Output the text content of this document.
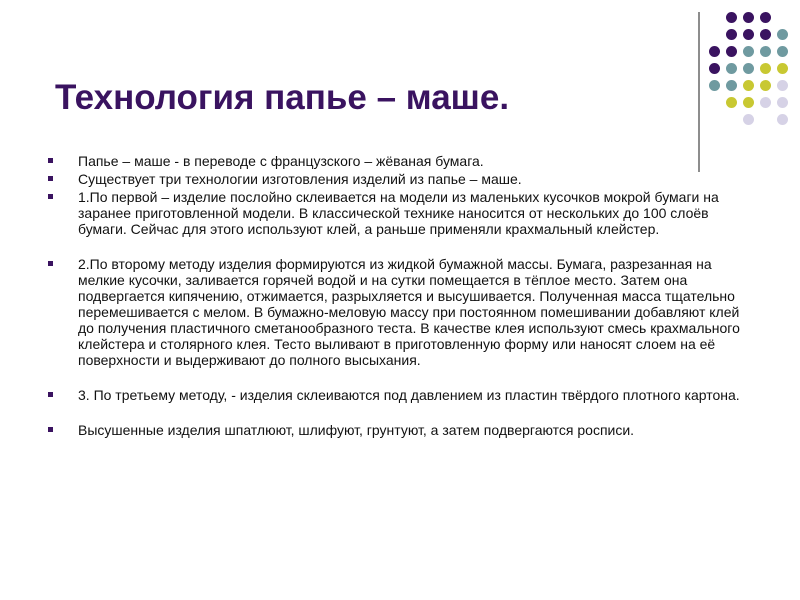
Технология папье – маше.
Папье – маше - в переводе с французского – жёваная бумага.
Существует три технологии изготовления изделий из папье – маше.
1.По первой – изделие послойно склеивается на модели из маленьких кусочков мокрой бумаги на заранее приготовленной модели. В классической технике наносится от нескольких до 100 слоёв бумаги. Сейчас для этого используют клей, а раньше применяли крахмальный клейстер.
2.По второму методу изделия формируются из жидкой бумажной массы. Бумага, разрезанная на мелкие кусочки, заливается горячей водой и на сутки помещается в тёплое место. Затем она подвергается кипячению, отжимается, разрыхляется и высушивается. Полученная масса тщательно перемешивается с мелом. В бумажно-меловую массу при постоянном помешивании добавляют клей до получения пластичного сметанообразного теста. В качестве клея используют смесь крахмального клейстера и столярного клея. Тесто выливают в приготовленную форму или наносят слоем на её поверхности и выдерживают до полного высыхания.
3. По третьему методу, - изделия склеиваются под давлением из пластин твёрдого плотного картона.
Высушенные изделия шпатлюют, шлифуют, грунтуют, а затем подвергаются росписи.
